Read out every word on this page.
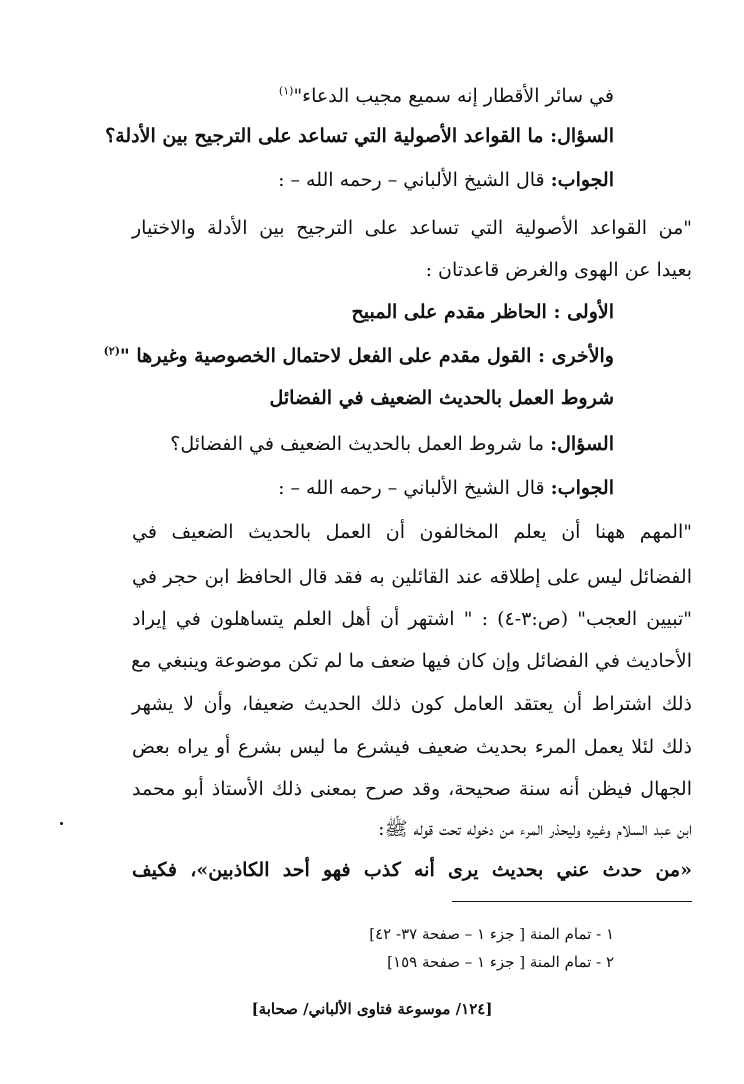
في سائر الأقطار إنه سميع مجيب الدعاء"$^{(١)}$
السؤال: ما القواعد الأصولية التي تساعد على الترجيح بين الأدلة؟
الجواب: قال الشيخ الألباني – رحمه الله – :
"من القواعد الأصولية التي تساعد على الترجيح بين الأدلة والاختيار
بعيدا عن الهوى والغرض قاعدتان :
الأولى : الحاظر مقدم على المبيح
والأخرى : القول مقدم على الفعل لاحتمال الخصوصية وغيرها "$^{(٢)}$
شروط العمل بالحديث الضعيف في الفضائل
السؤال: ما شروط العمل بالحديث الضعيف في الفضائل؟
الجواب: قال الشيخ الألباني – رحمه الله – :
"المهم ههنا أن يعلم المخالفون أن العمل بالحديث الضعيف في
الفضائل ليس على إطلاقه عند القائلين به فقد قال الحافظ ابن حجر في
"تبيين العجب" (ص:٣-٤) : " اشتهر أن أهل العلم يتساهلون في إيراد
الأحاديث في الفضائل وإن كان فيها ضعف ما لم تكن موضوعة وينبغي مع
ذلك اشتراط أن يعتقد العامل كون ذلك الحديث ضعيفا، وأن لا يشهر
ذلك لئلا يعمل المرء بحديث ضعيف فيشرع ما ليس بشرع أو يراه بعض
الجهال فيظن أنه سنة صحيحة، وقد صرح بمعنى ذلك الأستاذ أبو محمد
ابن عبد السلام وغيره وليحذر المرء من دخوله تحت قوله ﷺ:
«من حدث عني بحديث يرى أنه كذب فهو أحد الكاذبين»، فكيف
١ - تمام المنة [ جزء ١ – صفحة ٣٧- ٤٢]
٢ - تمام المنة [ جزء ١ – صفحة ١٥٩]
[١٢٤/ موسوعة فتاوى الألباني/ صحابة]
